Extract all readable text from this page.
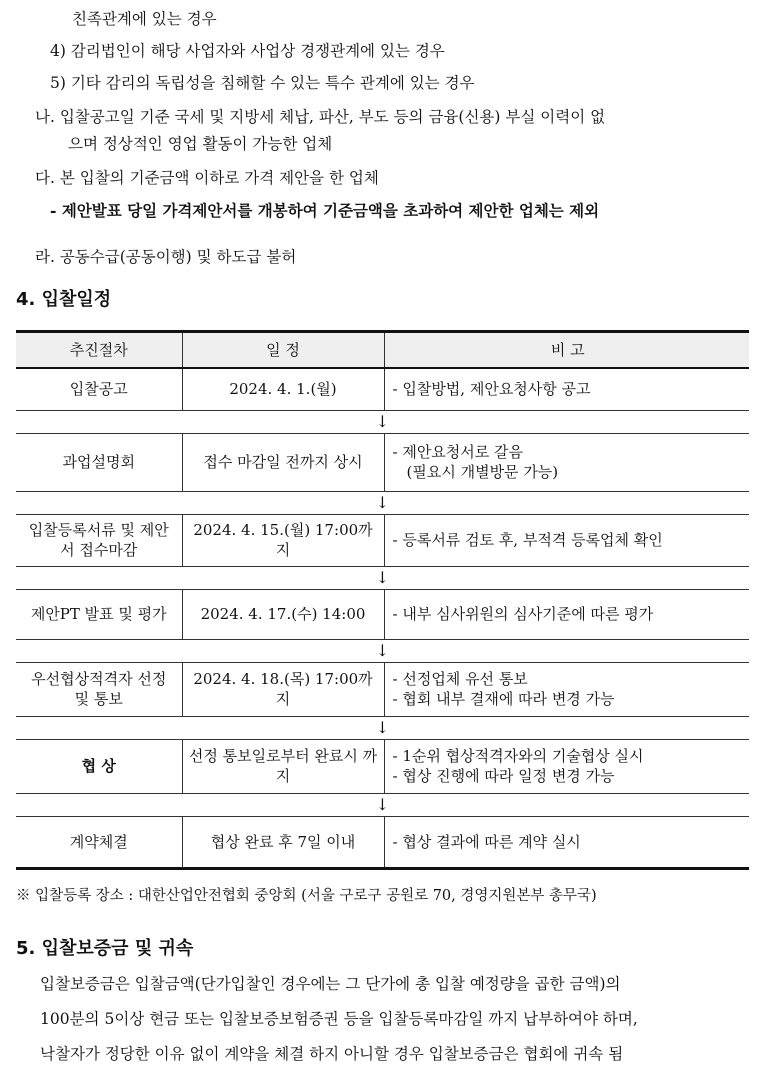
친족관계에 있는 경우
4) 감리법인이 해당 사업자와 사업상 경쟁관계에 있는 경우
5) 기타 감리의 독립성을 침해할 수 있는 특수 관계에 있는 경우
나. 입찰공고일 기준 국세 및 지방세 체납, 파산, 부도 등의 금융(신용) 부실 이력이 없
으며 정상적인 영업 활동이 가능한 업체
다. 본 입찰의 기준금액 이하로 가격 제안을 한 업체
- 제안발표 당일 가격제안서를 개봉하여 기준금액을 초과하여 제안한 업체는 제외
라. 공동수급(공동이행) 및 하도급 불허
4. 입찰일정
추진절차	일 정	비 고
입찰공고	2024. 4. 1.(월)	- 입찰방법, 제안요청사항 공고
↓		
과업설명회	접수 마감일 전까지 상시	- 제안요청서로 갈음

(필요시 개별방문 가능)

↓		
입찰등록서류 및 제안서 접수마감	2024. 4. 15.(월) 17:00까지	- 등록서류 검토 후, 부적격 등록업체 확인
↓		
제안PT 발표 및 평가	2024. 4. 17.(수) 14:00	- 내부 심사위원의 심사기준에 따른 평가
↓		
우선협상적격자 선정 및 통보	2024. 4. 18.(목) 17:00까지	- 선정업체 유선 통보
- 협회 내부 결재에 따라 변경 가능
↓		
협 상	선정 통보일로부터 완료시 까지	- 1순위 협상적격자와의 기술협상 실시
- 협상 진행에 따라 일정 변경 가능
↓		
계약체결	협상 완료 후 7일 이내	- 협상 결과에 따른 계약 실시
※ 입찰등록 장소 : 대한산업안전협회 중앙회 (서울 구로구 공원로 70, 경영지원본부 총무국)
5. 입찰보증금 및 귀속
입찰보증금은 입찰금액(단가입찰인 경우에는 그 단가에 총 입찰 예정량을 곱한 금액)의
100분의 5이상 현금 또는 입찰보증보험증권 등을 입찰등록마감일 까지 납부하여야 하며,
낙찰자가 정당한 이유 없이 계약을 체결 하지 아니할 경우 입찰보증금은 협회에 귀속 됨
